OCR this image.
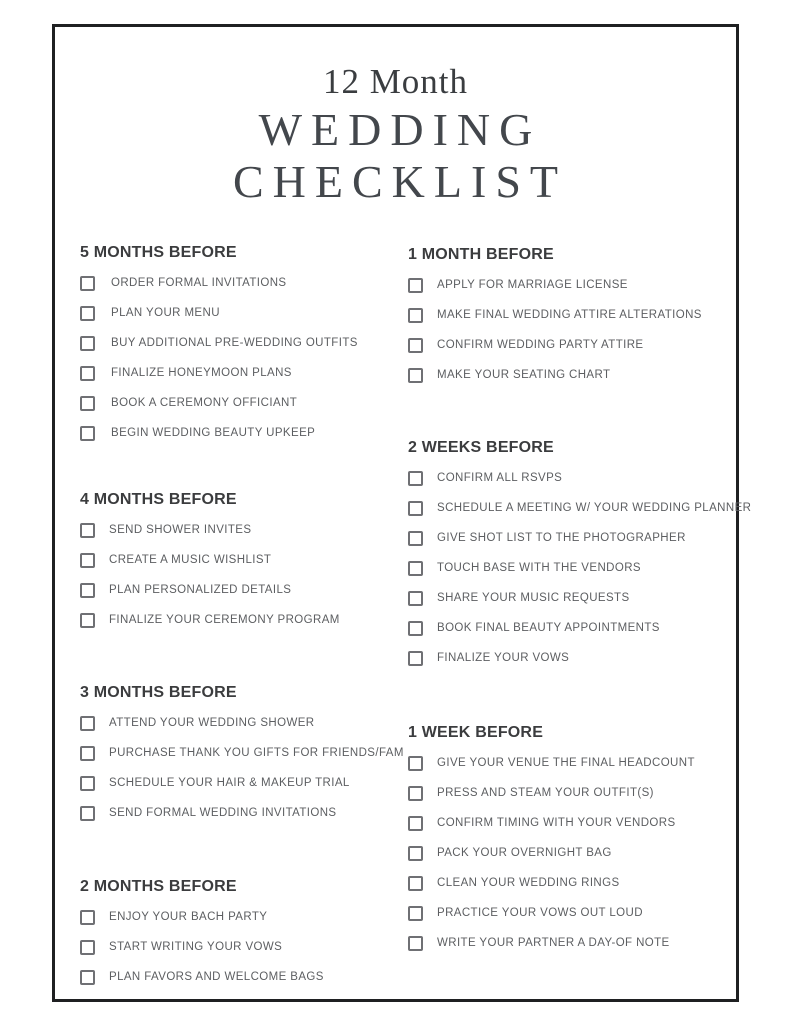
12 Month
WEDDING
CHECKLIST
5 MONTHS BEFORE
ORDER FORMAL INVITATIONS
PLAN YOUR MENU
BUY ADDITIONAL PRE-WEDDING OUTFITS
FINALIZE HONEYMOON PLANS
BOOK A CEREMONY OFFICIANT
BEGIN WEDDING BEAUTY UPKEEP
4 MONTHS BEFORE
SEND SHOWER INVITES
CREATE A MUSIC WISHLIST
PLAN PERSONALIZED DETAILS
FINALIZE YOUR CEREMONY PROGRAM
3 MONTHS BEFORE
ATTEND YOUR WEDDING SHOWER
PURCHASE THANK YOU GIFTS FOR FRIENDS/FAM
SCHEDULE YOUR HAIR & MAKEUP TRIAL
SEND FORMAL WEDDING INVITATIONS
2 MONTHS BEFORE
ENJOY YOUR BACH PARTY
START WRITING YOUR VOWS
PLAN FAVORS AND WELCOME BAGS
1 MONTH BEFORE
APPLY FOR MARRIAGE LICENSE
MAKE FINAL WEDDING ATTIRE ALTERATIONS
CONFIRM WEDDING PARTY ATTIRE
MAKE YOUR SEATING CHART
2 WEEKS BEFORE
CONFIRM ALL RSVPS
SCHEDULE A MEETING W/ YOUR WEDDING PLANNER
GIVE SHOT LIST TO THE PHOTOGRAPHER
TOUCH BASE WITH THE VENDORS
SHARE YOUR MUSIC REQUESTS
BOOK FINAL BEAUTY APPOINTMENTS
FINALIZE YOUR VOWS
1 WEEK BEFORE
GIVE YOUR VENUE THE FINAL HEADCOUNT
PRESS AND STEAM YOUR OUTFIT(S)
CONFIRM TIMING WITH YOUR VENDORS
PACK YOUR OVERNIGHT BAG
CLEAN YOUR WEDDING RINGS
PRACTICE YOUR VOWS OUT LOUD
WRITE YOUR PARTNER A DAY-OF NOTE
